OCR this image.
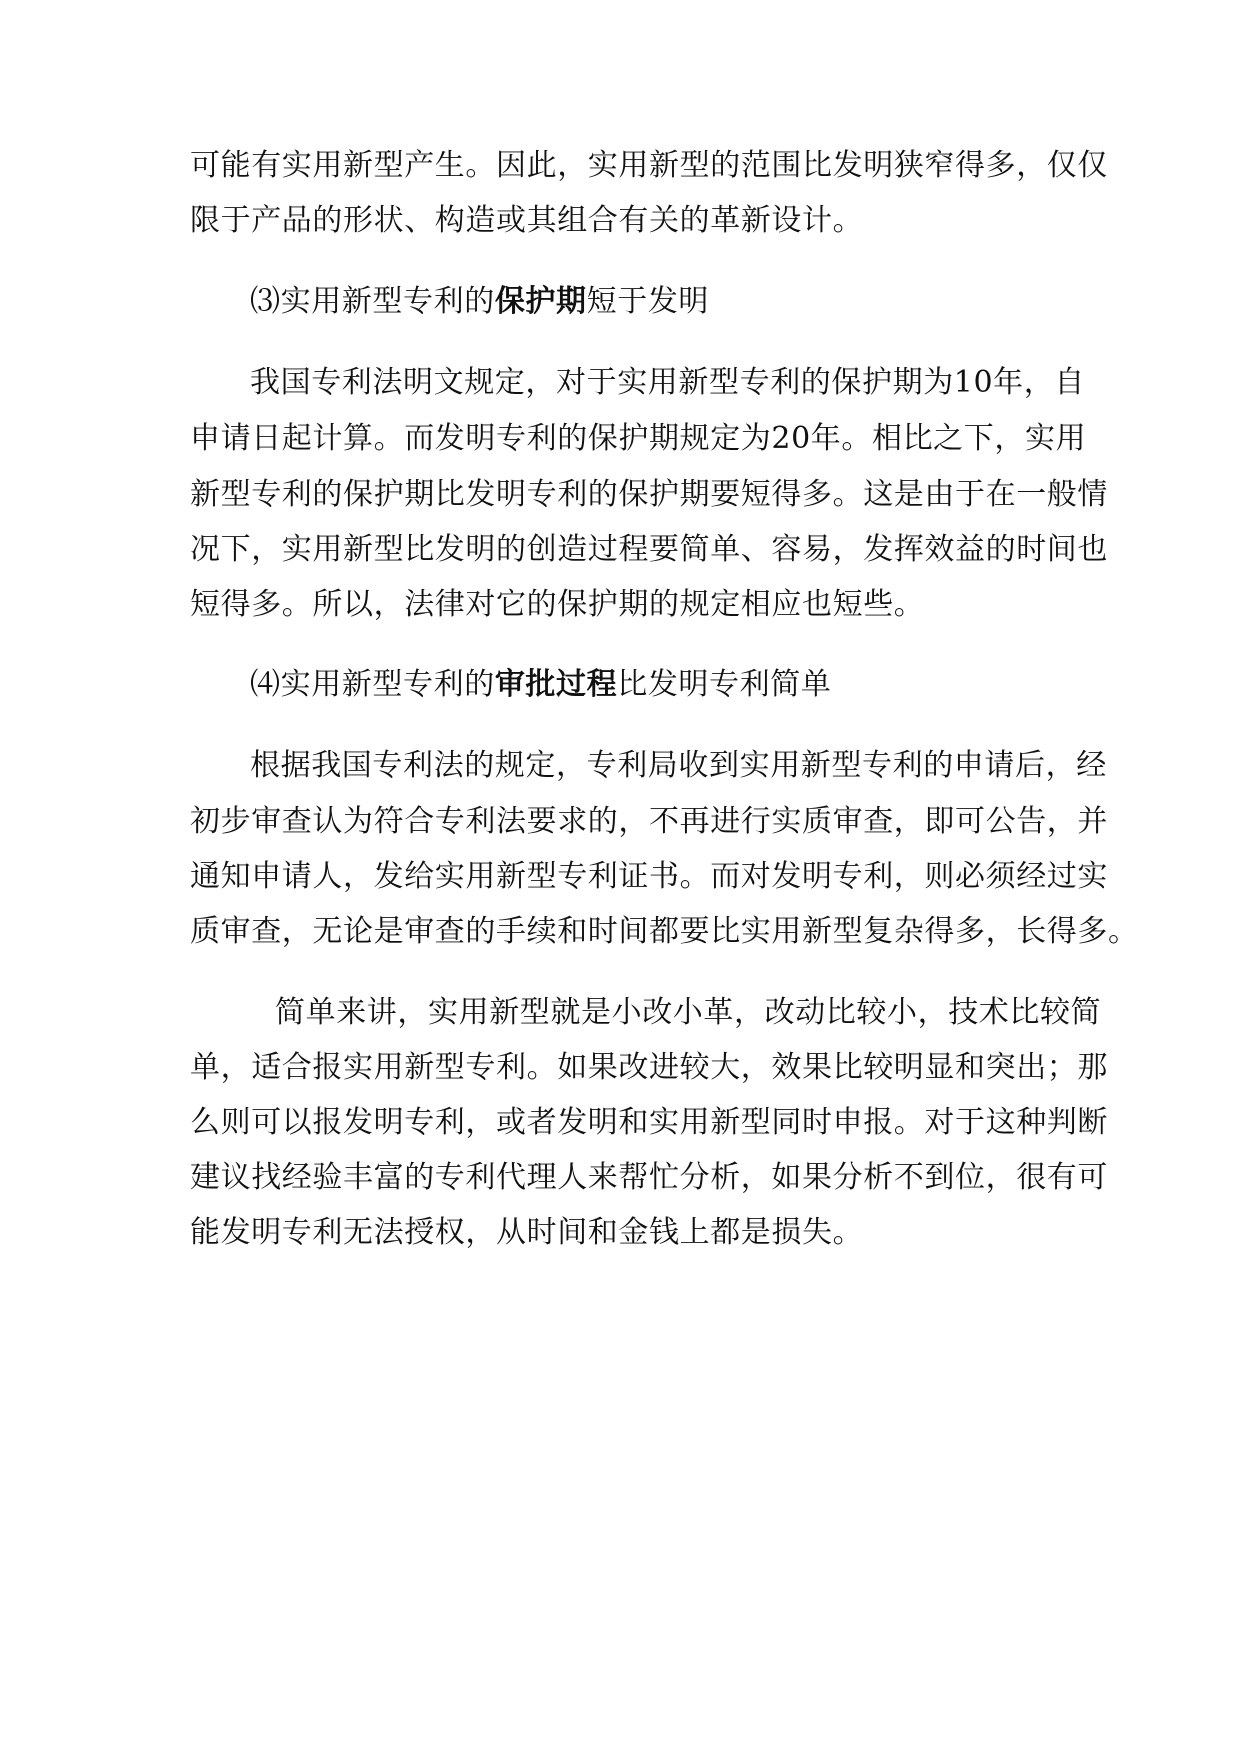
可能有实用新型产生。因此，实用新型的范围比发明狭窄得多，仅仅
限于产品的形状、构造或其组合有关的革新设计。
⑶实用新型专利的保护期短于发明
我国专利法明文规定，对于实用新型专利的保护期为10年，自
申请日起计算。而发明专利的保护期规定为20年。相比之下，实用
新型专利的保护期比发明专利的保护期要短得多。这是由于在一般情
况下，实用新型比发明的创造过程要简单、容易，发挥效益的时间也
短得多。所以，法律对它的保护期的规定相应也短些。
⑷实用新型专利的审批过程比发明专利简单
根据我国专利法的规定，专利局收到实用新型专利的申请后，经
初步审查认为符合专利法要求的，不再进行实质审查，即可公告，并
通知申请人，发给实用新型专利证书。而对发明专利，则必须经过实
质审查，无论是审查的手续和时间都要比实用新型复杂得多，长得多。
简单来讲，实用新型就是小改小革，改动比较小，技术比较简
单，适合报实用新型专利。如果改进较大，效果比较明显和突出；那
么则可以报发明专利，或者发明和实用新型同时申报。对于这种判断
建议找经验丰富的专利代理人来帮忙分析，如果分析不到位，很有可
能发明专利无法授权，从时间和金钱上都是损失。
